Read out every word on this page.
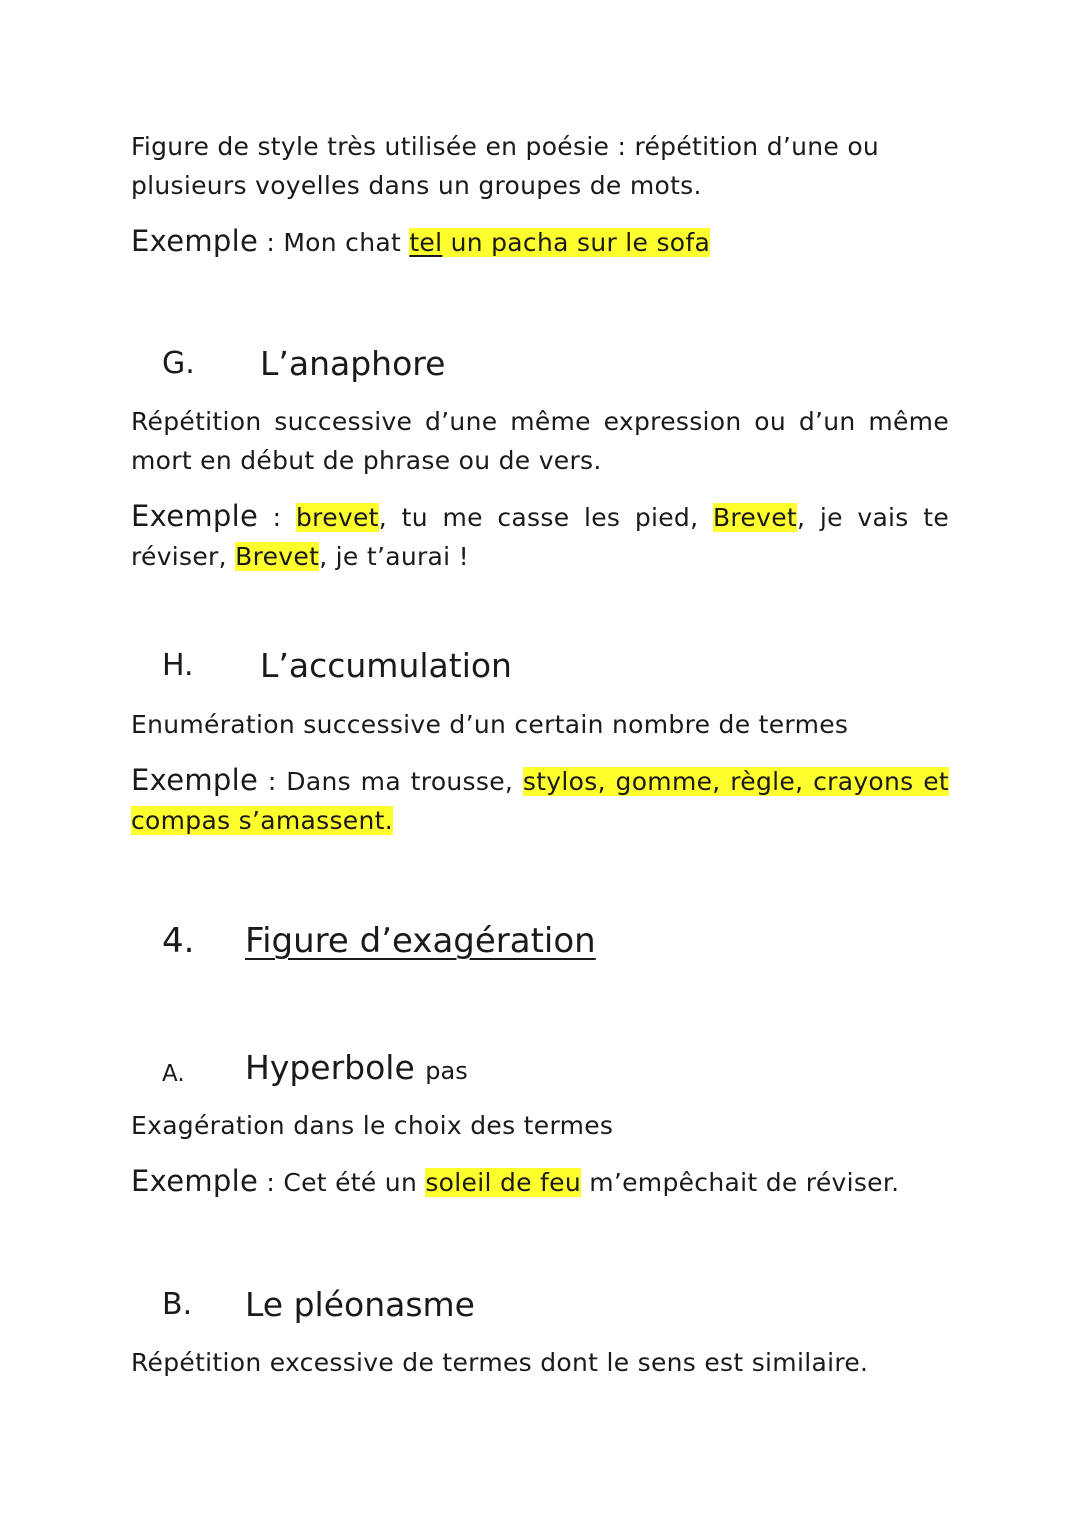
Figure de style très utilisée en poésie : répétition d’une ou plusieurs voyelles dans un groupes de mots.

Exemple : Mon chat tel un pacha sur le sofa

G. L’anaphore

Répétition successive d’une même expression ou d’un même mort en début de phrase ou de vers.

Exemple : brevet, tu me casse les pied, Brevet, je vais te réviser, Brevet, je t’aurai !

H. L’accumulation

Enumération successive d’un certain nombre de termes

Exemple : Dans ma trousse, stylos, gomme, règle, crayons et compas s’amassent.

4. Figure d’exagération
A. Hyperbole pas

Exagération dans le choix des termes

Exemple : Cet été un soleil de feu m’empêchait de réviser.

B. Le pléonasme

Répétition excessive de termes dont le sens est similaire.
